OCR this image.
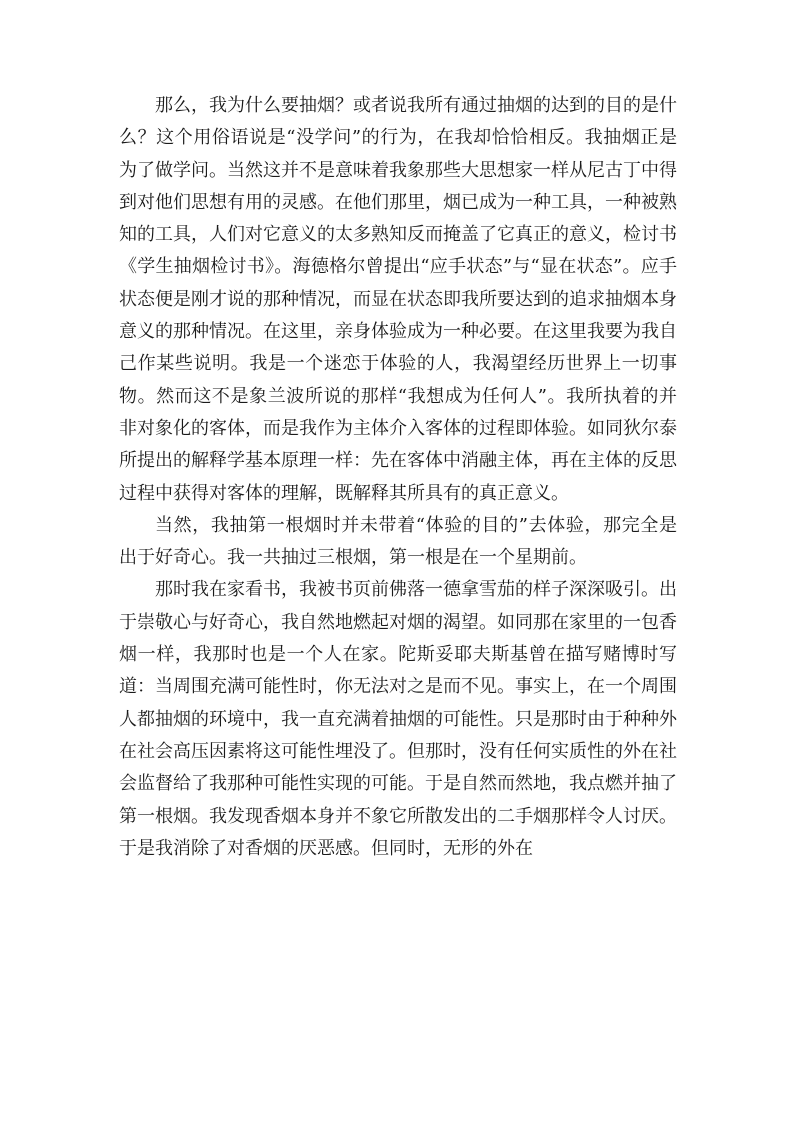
那么，我为什么要抽烟？或者说我所有通过抽烟的达到的目的是什么？这个用俗语说是“没学问”的行为，在我却恰恰相反。我抽烟正是为了做学问。当然这并不是意味着我象那些大思想家一样从尼古丁中得到对他们思想有用的灵感。在他们那里，烟已成为一种工具，一种被熟知的工具，人们对它意义的太多熟知反而掩盖了它真正的意义，检讨书《学生抽烟检讨书》。海德格尔曾提出“应手状态”与“显在状态”。应手状态便是刚才说的那种情况，而显在状态即我所要达到的追求抽烟本身意义的那种情况。在这里，亲身体验成为一种必要。在这里我要为我自己作某些说明。我是一个迷恋于体验的人，我渴望经历世界上一切事物。然而这不是象兰波所说的那样“我想成为任何人”。我所执着的并非对象化的客体，而是我作为主体介入客体的过程即体验。如同狄尔泰所提出的解释学基本原理一样：先在客体中消融主体，再在主体的反思过程中获得对客体的理解，既解释其所具有的真正意义。

当然，我抽第一根烟时并未带着“体验的目的”去体验，那完全是出于好奇心。我一共抽过三根烟，第一根是在一个星期前。

那时我在家看书，我被书页前佛落一德拿雪茄的样子深深吸引。出于崇敬心与好奇心，我自然地燃起对烟的渴望。如同那在家里的一包香烟一样，我那时也是一个人在家。陀斯妥耶夫斯基曾在描写赌博时写道：当周围充满可能性时，你无法对之是而不见。事实上，在一个周围人都抽烟的环境中，我一直充满着抽烟的可能性。只是那时由于种种外在社会高压因素将这可能性埋没了。但那时，没有任何实质性的外在社会监督给了我那种可能性实现的可能。于是自然而然地，我点燃并抽了第一根烟。我发现香烟本身并不象它所散发出的二手烟那样令人讨厌。于是我消除了对香烟的厌恶感。但同时，无形的外在
